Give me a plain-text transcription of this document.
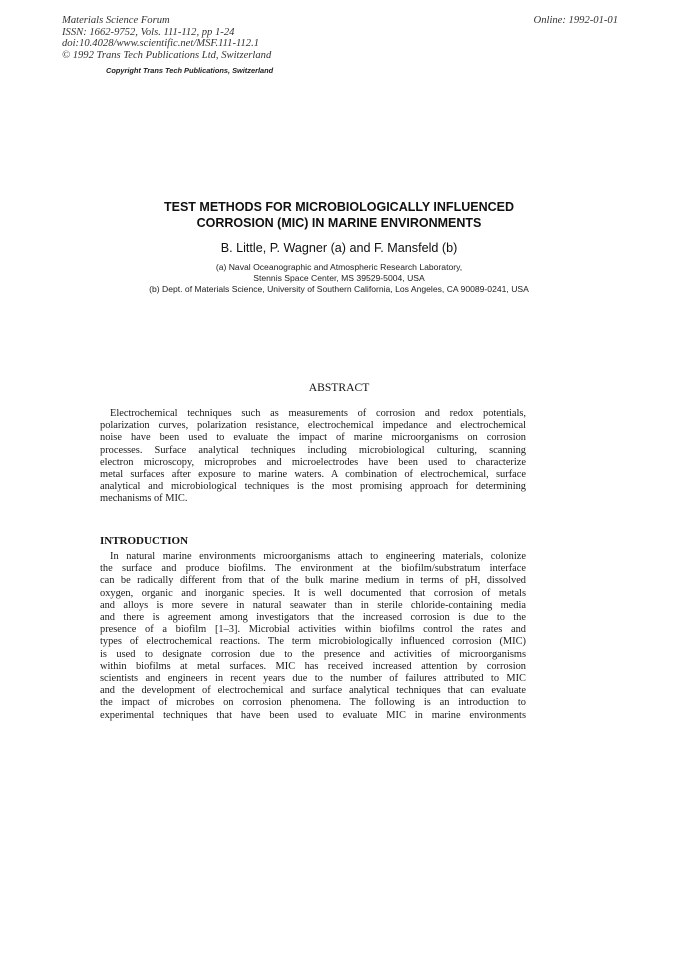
Materials Science Forum
ISSN: 1662-9752, Vols. 111-112, pp 1-24
doi:10.4028/www.scientific.net/MSF.111-112.1
© 1992 Trans Tech Publications Ltd, Switzerland
Online: 1992-01-01
Copyright Trans Tech Publications, Switzerland
TEST METHODS FOR MICROBIOLOGICALLY INFLUENCED
CORROSION (MIC) IN MARINE ENVIRONMENTS
B. Little, P. Wagner (a) and F. Mansfeld (b)
(a) Naval Oceanographic and Atmospheric Research Laboratory,
Stennis Space Center, MS 39529-5004, USA
(b) Dept. of Materials Science, University of Southern California, Los Angeles, CA 90089-0241, USA
ABSTRACT
Electrochemical techniques such as measurements of corrosion and redox potentials,
polarization curves, polarization resistance, electrochemical impedance and electrochemical
noise have been used to evaluate the impact of marine microorganisms on corrosion
processes. Surface analytical techniques including microbiological culturing, scanning
electron microscopy, microprobes and microelectrodes have been used to characterize
metal surfaces after exposure to marine waters. A combination of electrochemical, surface
analytical and microbiological techniques is the most promising approach for determining
mechanisms of MIC.
INTRODUCTION
In natural marine environments microorganisms attach to engineering materials, colonize
the surface and produce biofilms. The environment at the biofilm/substratum interface
can be radically different from that of the bulk marine medium in terms of pH, dissolved
oxygen, organic and inorganic species. It is well documented that corrosion of metals
and alloys is more severe in natural seawater than in sterile chloride-containing media
and there is agreement among investigators that the increased corrosion is due to the
presence of a biofilm [1–3]. Microbial activities within biofilms control the rates and
types of electrochemical reactions. The term microbiologically influenced corrosion (MIC)
is used to designate corrosion due to the presence and activities of microorganisms
within biofilms at metal surfaces. MIC has received increased attention by corrosion
scientists and engineers in recent years due to the number of failures attributed to MIC
and the development of electrochemical and surface analytical techniques that can evaluate
the impact of microbes on corrosion phenomena. The following is an introduction to
experimental techniques that have been used to evaluate MIC in marine environments
